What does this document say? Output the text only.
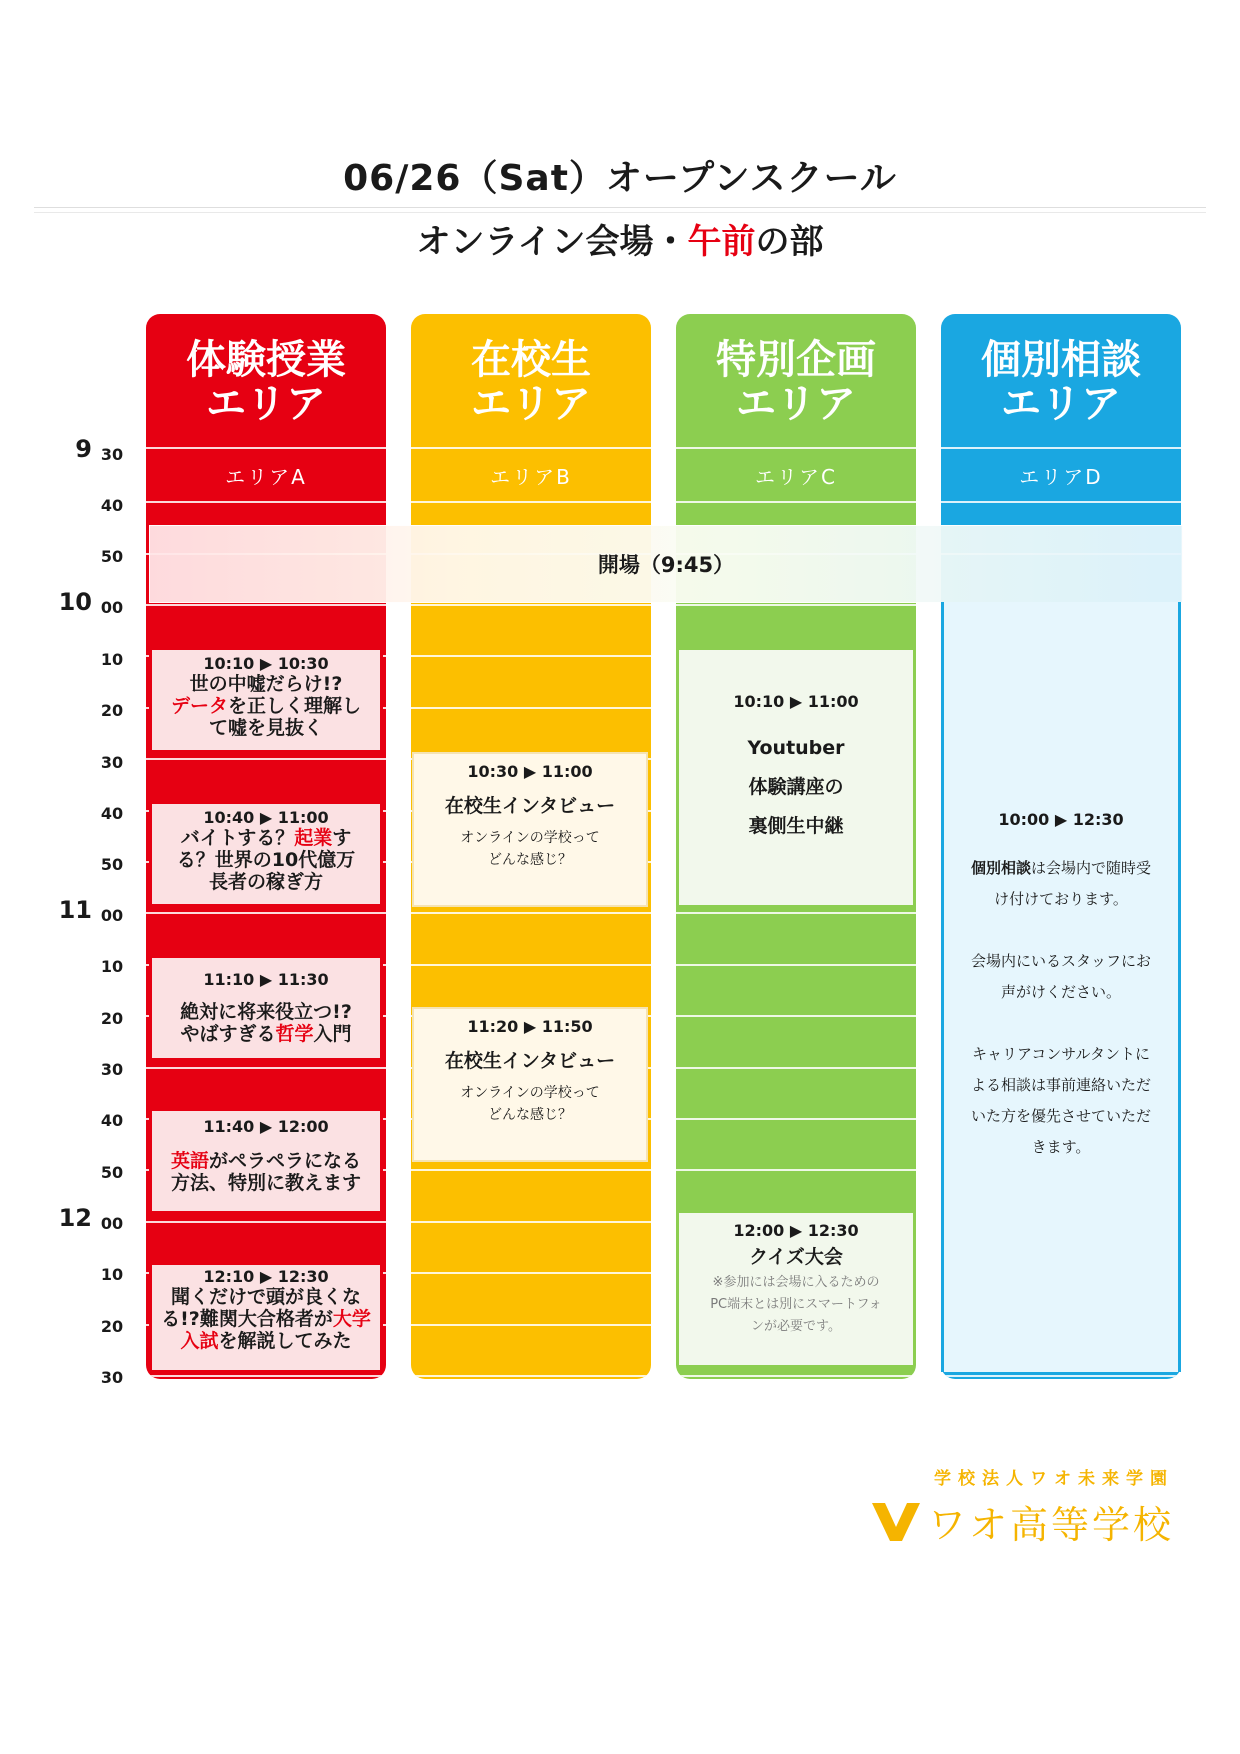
06/26（Sat）オープンスクール
オンライン会場・午前の部
9 30
40
50
10 00
10
20
30
40
50
11 00
10
20
30
40
50
12 00
10
20
30
体験授業
エリア
エリアA
在校生
エリア
エリアB
特別企画
エリア
エリアC
個別相談
エリア
エリアD
開場（9:45）
10:10 ▶ 10:30
世の中嘘だらけ!?
データを正しく理解し
て嘘を見抜く
10:40 ▶ 11:00
バイトする？起業す
る？世界の10代億万
長者の稼ぎ方
11:10 ▶ 11:30
絶対に将来役立つ!?
やばすぎる哲学入門
11:40 ▶ 12:00
英語がペラペラになる
方法、特別に教えます
12:10 ▶ 12:30
聞くだけで頭が良くな
る!?難関大合格者が大学
入試を解説してみた
10:30 ▶ 11:00
在校生インタビュー
オンラインの学校って
どんな感じ？
11:20 ▶ 11:50
在校生インタビュー
オンラインの学校って
どんな感じ？
10:10 ▶ 11:00
Youtuber
体験講座の
裏側生中継
12:00 ▶ 12:30
クイズ大会
※参加には会場に入るための
PC端末とは別にスマートフォ
ンが必要です。
10:00 ▶ 12:30
個別相談は会場内で随時受
け付けております。
会場内にいるスタッフにお
声がけください。
キャリアコンサルタントに
よる相談は事前連絡いただ
いた方を優先させていただ
きます。
学校法人ワオ未来学園
ワオ高等学校
